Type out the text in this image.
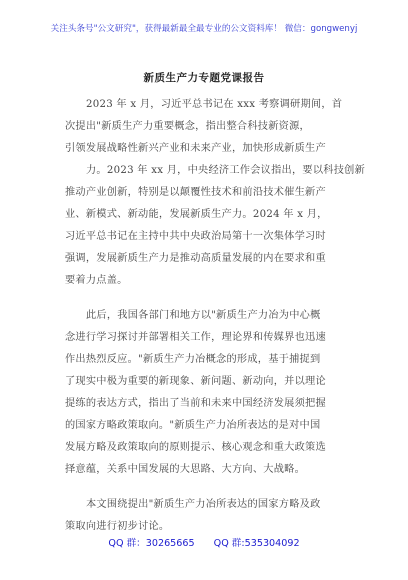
关注头条号"公文研究"，获得最新最全最专业的公文资料库！ 微信：gongwenyj
新质生产力专题党课报告
2023 年 x 月，习近平总书记在 xxx 考察调研期间，首
次提出"新质生产力重要概念，指出整合科技新资源，
引领发展战略性新兴产业和未来产业，加快形成新质生产
力。2023 年 xx 月，中央经济工作会议指出，要以科技创新
推动产业创新，特别是以颠覆性技术和前沿技术催生新产
业、新模式、新动能，发展新质生产力。2024 年 x 月，
习近平总书记在主持中共中央政治局第十一次集体学习时
强调，发展新质生产力是推动高质量发展的内在要求和重
要着力点盖。
此后，我国各部门和地方以"新质生产力冶为中心概
念进行学习探讨并部署相关工作，理论界和传媒界也迅速
作出热烈反应。"新质生产力冶概念的形成，基于捕捉到
了现实中极为重要的新现象、新问题、新动向，并以理论
提练的表达方式，指出了当前和未来中国经济发展须把握
的国家方略政策取向。"新质生产力冶所表达的是对中国
发展方略及政策取向的原则提示、核心观念和重大政策选
择意蕴，关系中国发展的大思路、大方向、大战略。
本文围绕提出"新质生产力冶所表达的国家方略及政
策取向进行初步讨论。
QQ 群：30265665 QQ 群:535304092
